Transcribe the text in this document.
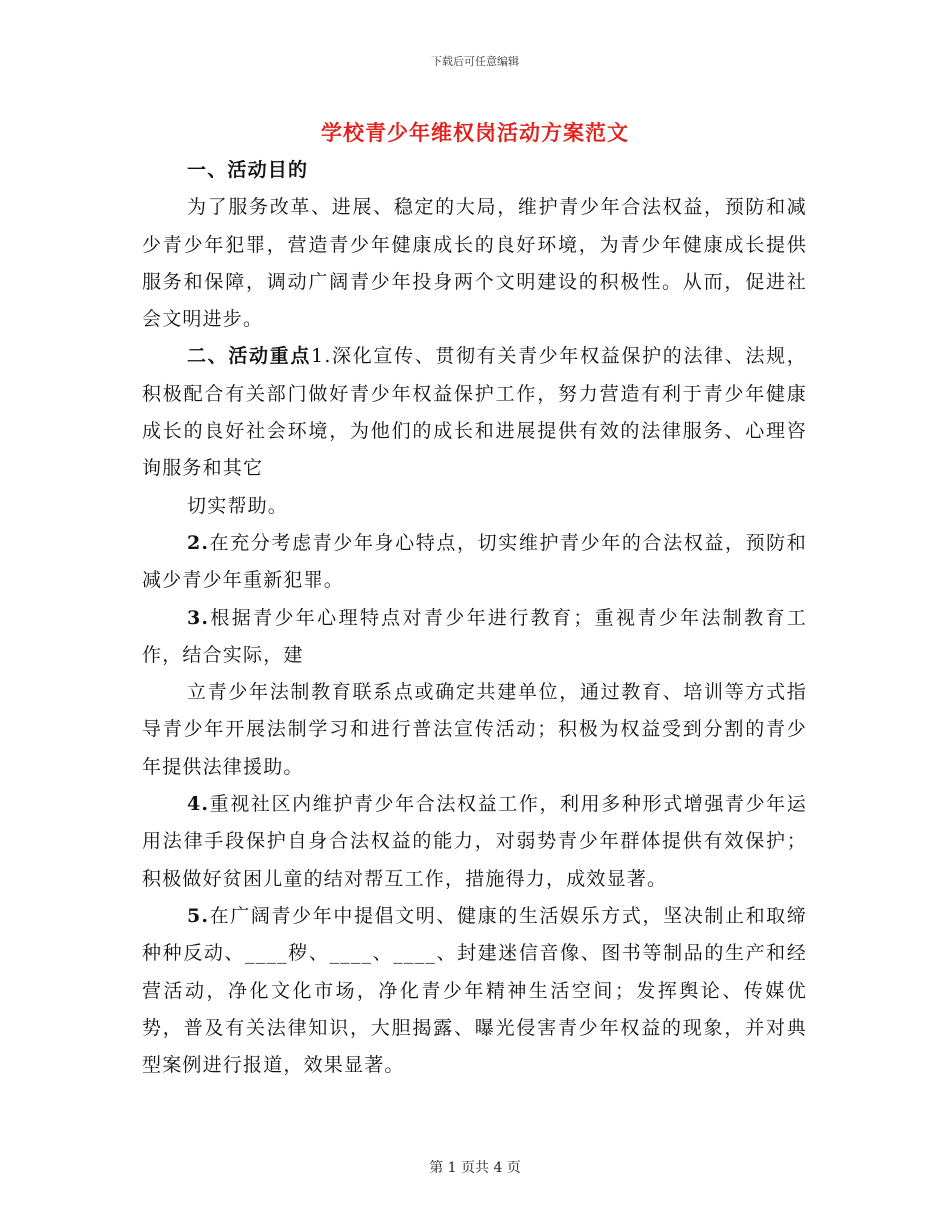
下载后可任意编辑
学校青少年维权岗活动方案范文

一、活动目的

为了服务改革、进展、稳定的大局，维护青少年合法权益，预防和减少青少年犯罪，营造青少年健康成长的良好环境，为青少年健康成长提供服务和保障，调动广阔青少年投身两个文明建设的积极性。从而，促进社会文明进步。

二、活动重点1.深化宣传、贯彻有关青少年权益保护的法律、法规，积极配合有关部门做好青少年权益保护工作，努力营造有利于青少年健康成长的良好社会环境，为他们的成长和进展提供有效的法律服务、心理咨询服务和其它

切实帮助。

2.在充分考虑青少年身心特点，切实维护青少年的合法权益，预防和减少青少年重新犯罪。

3.根据青少年心理特点对青少年进行教育；重视青少年法制教育工作，结合实际，建

立青少年法制教育联系点或确定共建单位，通过教育、培训等方式指导青少年开展法制学习和进行普法宣传活动；积极为权益受到分割的青少年提供法律援助。

4.重视社区内维护青少年合法权益工作，利用多种形式增强青少年运用法律手段保护自身合法权益的能力，对弱势青少年群体提供有效保护；积极做好贫困儿童的结对帮互工作，措施得力，成效显著。

5.在广阔青少年中提倡文明、健康的生活娱乐方式，坚决制止和取缔种种反动、____秽、____、____、封建迷信音像、图书等制品的生产和经营活动，净化文化市场，净化青少年精神生活空间；发挥舆论、传媒优势，普及有关法律知识，大胆揭露、曝光侵害青少年权益的现象，并对典型案例进行报道，效果显著。

第 1 页共 4 页
